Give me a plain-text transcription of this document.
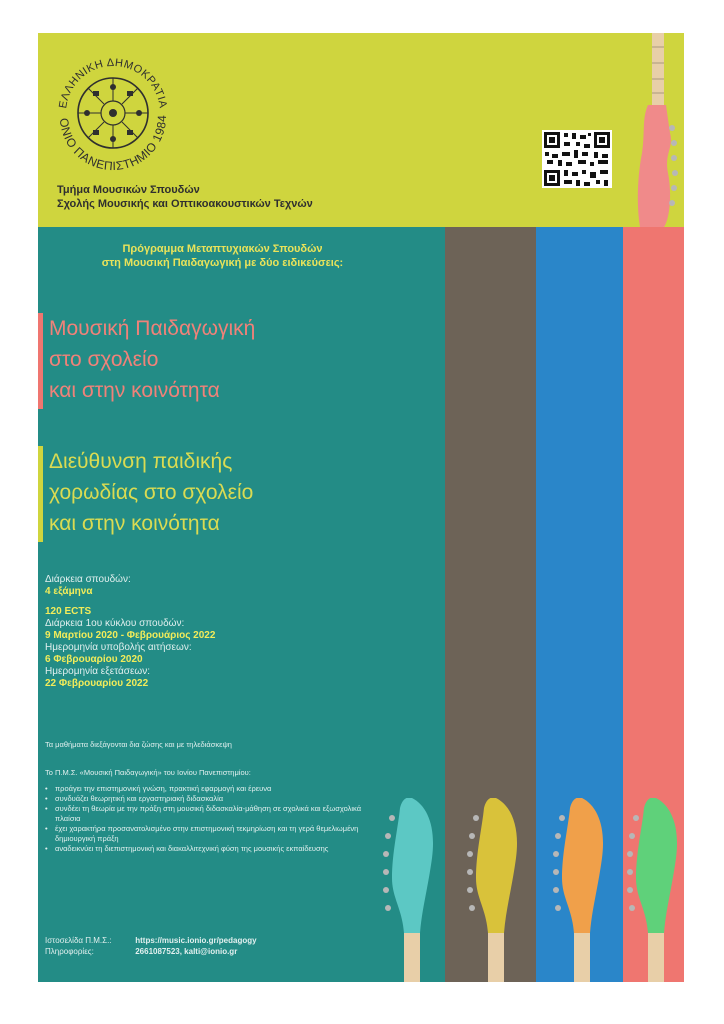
ΕΛΛΗΝΙΚΗ ΔΗΜΟΚΡΑΤΙΑ
ΟΝΙΟ ΠΑΝΕΠΙΣΤΗΜΙΟ 1984
Τμήμα Μουσικών Σπουδών
Σχολής Μουσικής και Οπτικοακουστικών Τεχνών
Πρόγραμμα Μεταπτυχιακών Σπουδών
στη Μουσική Παιδαγωγική με δύο ειδικεύσεις:
Μουσική Παιδαγωγική
στο σχολείο
και στην κοινότητα
Διεύθυνση παιδικής
χορωδίας στο σχολείο
και στην κοινότητα
Διάρκεια σπουδών:
4 εξάμηνα
120 ECTS
Διάρκεια 1ου κύκλου σπουδών:
9 Μαρτίου 2020 - Φεβρουάριος 2022
Ημερομηνία υποβολής αιτήσεων:
6 Φεβρουαρίου 2020
Ημερομηνία εξετάσεων:
22 Φεβρουαρίου 2022
Τα μαθήματα διεξάγονται δια ζώσης και με τηλεδιάσκεψη
Το Π.Μ.Σ. «Μουσική Παιδαγωγική» του Ιονίου Πανεπιστημίου:
• προάγει την επιστημονική γνώση, πρακτική εφαρμογή και έρευνα
• συνδυάζει θεωρητική και εργαστηριακή διδασκαλία
• συνδέει τη θεωρία με την πράξη στη μουσική διδασκαλία-μάθηση σε σχολικά και εξωσχολικά πλαίσια
• έχει χαρακτήρα προσανατολισμένο στην επιστημονική τεκμηρίωση και τη γερά θεμελιωμένη δημιουργική πράξη
• αναδεικνύει τη διεπιστημονική και διακαλλιτεχνική φύση της μουσικής εκπαίδευσης
Ιστοσελίδα Π.Μ.Σ.:	https://music.ionio.gr/pedagogy
Πληροφορίες:	2661087523, kalti@ionio.gr
